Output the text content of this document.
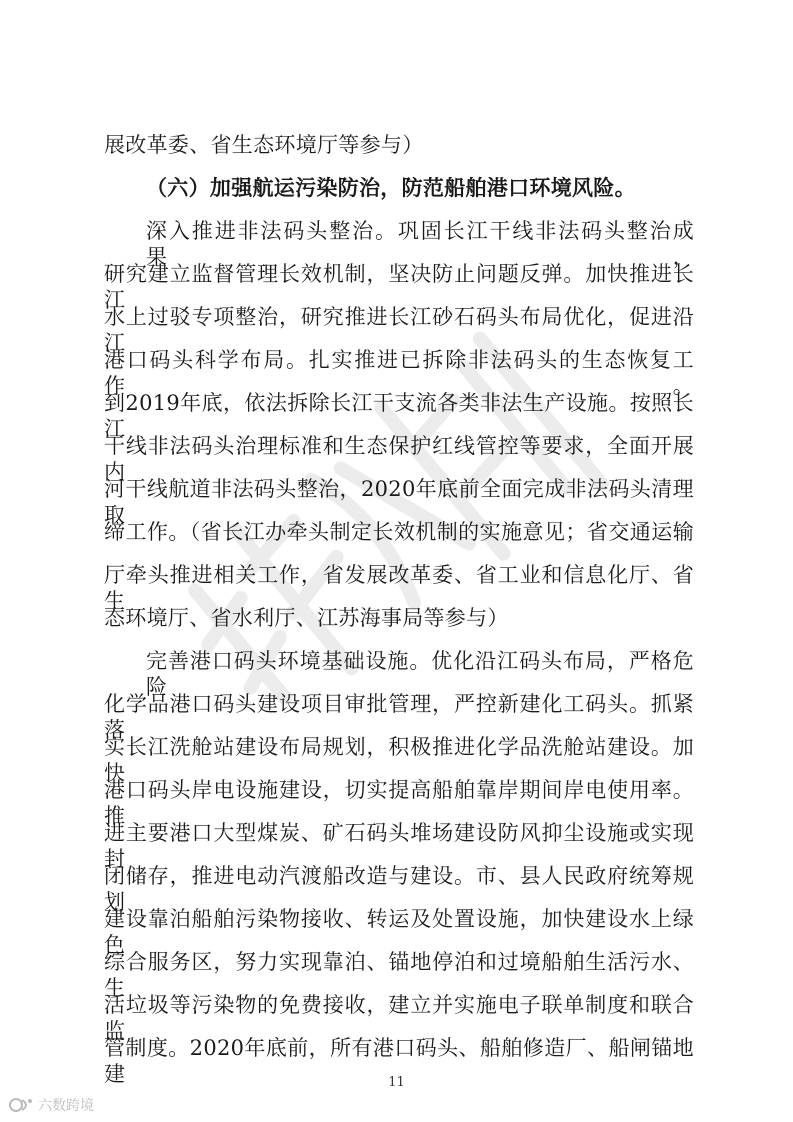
展改革委、省生态环境厅等参与）
（六）加强航运污染防治，防范船舶港口环境风险。
深入推进非法码头整治。巩固长江干线非法码头整治成果，
研究建立监督管理长效机制，坚决防止问题反弹。加快推进长江
水上过驳专项整治，研究推进长江砂石码头布局优化，促进沿江
港口码头科学布局。扎实推进已拆除非法码头的生态恢复工作。
到2019年底，依法拆除长江干支流各类非法生产设施。按照长江
干线非法码头治理标准和生态保护红线管控等要求，全面开展内
河干线航道非法码头整治，2020年底前全面完成非法码头清理取
缔工作。（省长江办牵头制定长效机制的实施意见；省交通运输
厅牵头推进相关工作，省发展改革委、省工业和信息化厅、省生
态环境厅、省水利厅、江苏海事局等参与）
完善港口码头环境基础设施。优化沿江码头布局，严格危险
化学品港口码头建设项目审批管理，严控新建化工码头。抓紧落
实长江洗舱站建设布局规划，积极推进化学品洗舱站建设。加快
港口码头岸电设施建设，切实提高船舶靠岸期间岸电使用率。推
进主要港口大型煤炭、矿石码头堆场建设防风抑尘设施或实现封
闭储存，推进电动汽渡船改造与建设。市、县人民政府统筹规划
建设靠泊船舶污染物接收、转运及处置设施，加快建设水上绿色
综合服务区，努力实现靠泊、锚地停泊和过境船舶生活污水、生
活垃圾等污染物的免费接收，建立并实施电子联单制度和联合监
管制度。2020年底前，所有港口码头、船舶修造厂、船闸锚地建	11
六数跨境
